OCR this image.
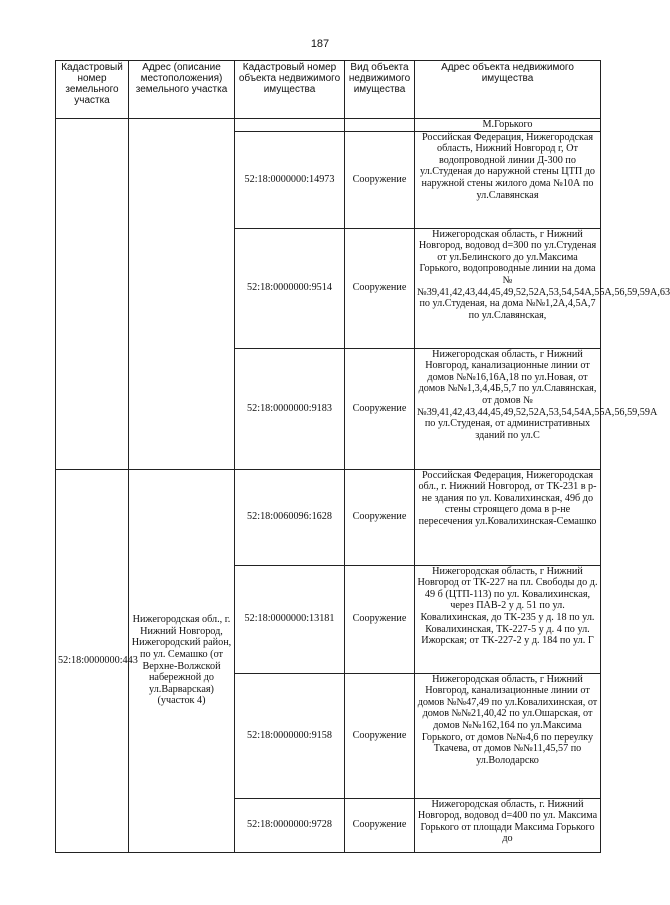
187
Кадастровый номер земельного участка	Адрес (описание местоположения) земельного участка	Кадастровый номер объекта недвижимого имущества	Вид объекта недвижимого имущества	Адрес объекта недвижимого имущества
				М.Горького
		52:18:0000000:14973	Сооружение	Российская Федерация, Нижегородская область, Нижний Новгород г, От водопроводной линии Д-300 по ул.Студеная до наружной стены ЦТП до наружной стены жилого дома №10А по ул.Славянская
		52:18:0000000:9514	Сооружение	Нижегородская область, г Нижний Новгород, водовод d=300 по ул.Студеная от ул.Белинского до ул.Максима Горького, водопроводные линии на дома №№39,41,42,43,44,45,49,52,52А,53,54,54А,55А,56,59,59А,63 по ул.Студеная, на дома №№1,2А,4,5А,7 по ул.Славянская,
		52:18:0000000:9183	Сооружение	Нижегородская область, г Нижний Новгород, канализационные линии от домов №№16,16А,18 по ул.Новая, от домов №№1,3,4,4Б,5,7 по ул.Славянская, от домов №№39,41,42,43,44,45,49,52,52А,53,54,54А,55А,56,59,59А по ул.Студеная, от административных зданий по ул.С
52:18:0000000:443	Нижегородская обл., г. Нижний Новгород, Нижегородский район, по ул. Семашко (от Верхне-Волжской набережной до ул.Варварская) (участок 4)	52:18:0060096:1628	Сооружение	Российская Федерация, Нижегородская обл., г. Нижний Новгород, от ТК-231 в р-не здания по ул. Ковалихинская, 49б до стены строящего дома в р-не пересечения ул.Ковалихинская-Семашко
		52:18:0000000:13181	Сооружение	Нижегородская область, г Нижний Новгород от ТК-227 на пл. Свободы до д. 49 б (ЦТП-113) по ул. Ковалихинская, через ПАВ-2 у д. 51 по ул. Ковалихинская, до ТК-235 у д. 18 по ул. Ковалихинская, ТК-227-5 у д. 4 по ул. Ижорская; от ТК-227-2 у д. 184 по ул. Г
		52:18:0000000:9158	Сооружение	Нижегородская область, г Нижний Новгород, канализационные линии от домов №№47,49 по ул.Ковалихинская, от домов №№21,40,42 по ул.Ошарская, от домов №№162,164 по ул.Максима Горького, от домов №№4,6 по переулку Ткачева, от домов №№11,45,57 по ул.Володарско
		52:18:0000000:9728	Сооружение	Нижегородская область, г. Нижний Новгород, водовод d=400 по ул. Максима Горького от площади Максима Горького до
